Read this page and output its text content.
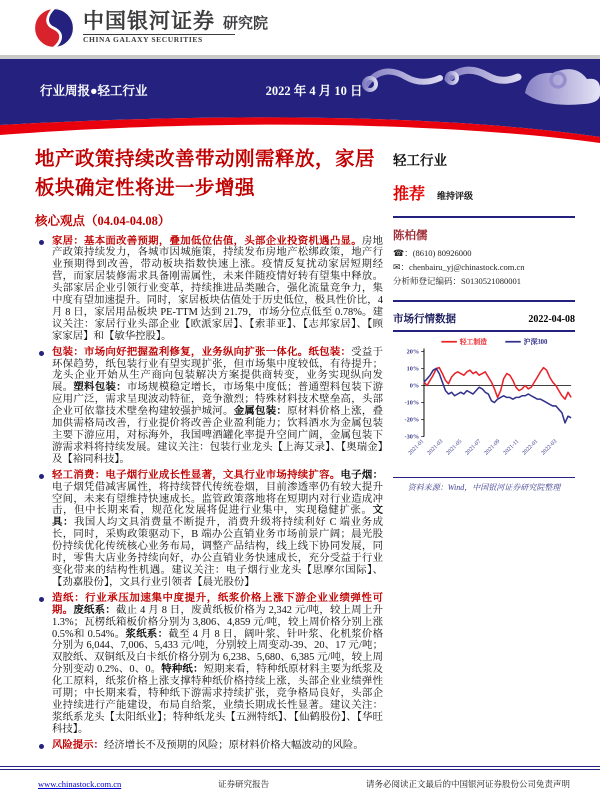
中国银河证券 研究院
CHINA GALAXY SECURITIES
行业周报●轻工行业	2022 年 4 月 10 日
地产政策持续改善带动刚需释放，家居板块确定性将进一步增强
核心观点（04.04-04.08）

家居：基本面改善预期，叠加低位估值，头部企业投资机遇凸显。房地产政策持续发力，各城市因城施策，持续发布房地产松绑政策，地产行业预期得到改善，带动板块指数快速上涨。疫情反复扰动家居短期经营，而家居装修需求具备刚需属性，未来伴随疫情好转有望集中释放。头部家居企业引领行业变革，持续推进品类融合，强化流量竞争力，集中度有望加速提升。同时，家居板块估值处于历史低位，极具性价比，4 月 8 日，家居用品板块 PE-TTM 达到 21.79，市场分位点低至 0.78%。建议关注：家居行业头部企业【欧派家居】、【索菲亚】、【志邦家居】、【顾家家居】和【敏华控股】。

包装：市场向好把握盈利修复，业务纵向扩张一体化。纸包装：受益于环保趋势，纸包装行业有望实现扩张，但市场集中度较低，有待提升；龙头企业开始从生产商向包装解决方案提供商转变，业务实现纵向发展。塑料包装：市场规模稳定增长，市场集中度低；普通塑料包装下游应用广泛，需求呈现波动特征，竞争激烈；特殊材料技术壁垒高，头部企业可依靠技术壁垒构建较强护城河。金属包装：原材料价格上涨，叠加供需格局改善，行业提价将改善企业盈利能力；饮料酒水为金属包装主要下游应用，对标海外，我国啤酒罐化率提升空间广阔，金属包装下游需求料将持续发展。建议关注：包装行业龙头【上海艾录】、【奥瑞金】及【裕同科技】。

轻工消费：电子烟行业成长性显著，文具行业市场持续扩容。电子烟：电子烟凭借减害属性，将持续替代传统卷烟，目前渗透率仍有较大提升空间，未来有望维持快速成长。监管政策落地将在短期内对行业造成冲击，但中长期来看，规范化发展将促进行业集中，实现稳健扩张。文具：我国人均文具消费量不断提升，消费升级将持续利好 C 端业务成长，同时，采购政策驱动下，B 端办公直销业务市场前景广阔；晨光股份持续优化传统核心业务布局，调整产品结构，线上线下协同发展，同时，零售大店业务持续向好，办公直销业务快速成长，充分受益于行业变化带来的结构性机遇。建议关注：电子烟行业龙头【思摩尔国际】、【劲嘉股份】，文具行业引领者【晨光股份】

造纸：行业承压加速集中度提升，纸浆价格上涨下游企业业绩弹性可期。废纸系：截止 4 月 8 日，废黄纸板价格为 2,342 元/吨，较上周上升 1.3%；瓦楞纸箱板价格分别为 3,806、4,859 元/吨，较上周价格分别上涨 0.5%和 0.54%。浆纸系：截至 4 月 8 日，阔叶浆、针叶浆、化机浆价格分别为 6,044、7,006、5,433 元/吨，分别较上周变动-39、20、17 元/吨；双胶纸、双铜纸及白卡纸价格分别为 6,238、5,680、6,385 元/吨，较上周分别变动 0.2%、0、0。特种纸：短期来看，特种纸原材料主要为纸浆及化工原料，纸浆价格上涨支撑特种纸价格持续上涨，头部企业业绩弹性可期；中长期来看，特种纸下游需求持续扩张，竞争格局良好，头部企业持续进行产能建设，布局自给浆，业绩长期成长性显著。建议关注：浆纸系龙头【太阳纸业】；特种纸龙头【五洲特纸】、【仙鹤股份】、【华旺科技】。

风险提示：经济增长不及预期的风险；原材料价格大幅波动的风险。

轻工行业
推荐 维持评级
陈柏儒
☎：(8610) 80926000
✉：chenbairu_yj@chinastock.com.cn
分析师登记编码：S0130521080001
市场行情数据	2022-04-08
20%
10%
0%
-10%
-20%
-30%
2021-01 2021-03 2021-05 2021-07 2021-09 2021-11 2022-01 2022-03
轻工制造	沪深300
资料来源：Wind，中国银河证券研究院整理
www.chinastock.com.cn	证券研究报告	请务必阅读正文最后的中国银河证券股份公司免责声明
